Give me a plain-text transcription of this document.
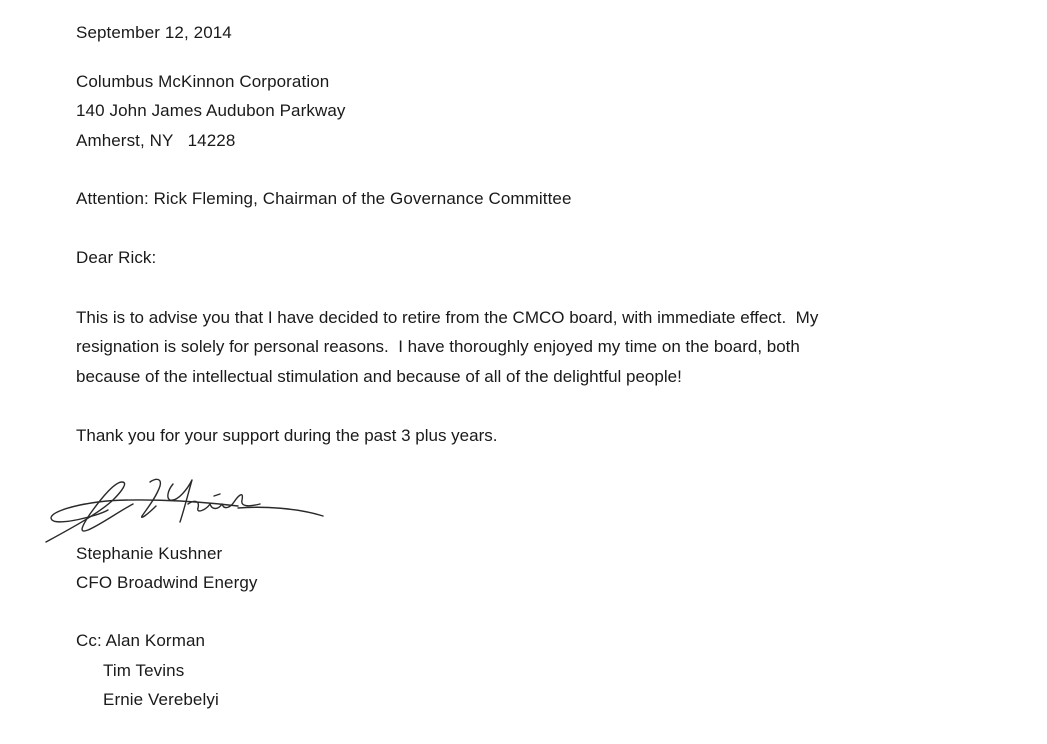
September 12, 2014
Columbus McKinnon Corporation
140 John James Audubon Parkway
Amherst, NY   14228
Attention: Rick Fleming, Chairman of the Governance Committee
Dear Rick:
This is to advise you that I have decided to retire from the CMCO board, with immediate effect.  My
resignation is solely for personal reasons.  I have thoroughly enjoyed my time on the board, both
because of the intellectual stimulation and because of all of the delightful people!
Thank you for your support during the past 3 plus years.
Stephanie Kushner
CFO Broadwind Energy
Cc: Alan Korman
Tim Tevins
Ernie Verebelyi
